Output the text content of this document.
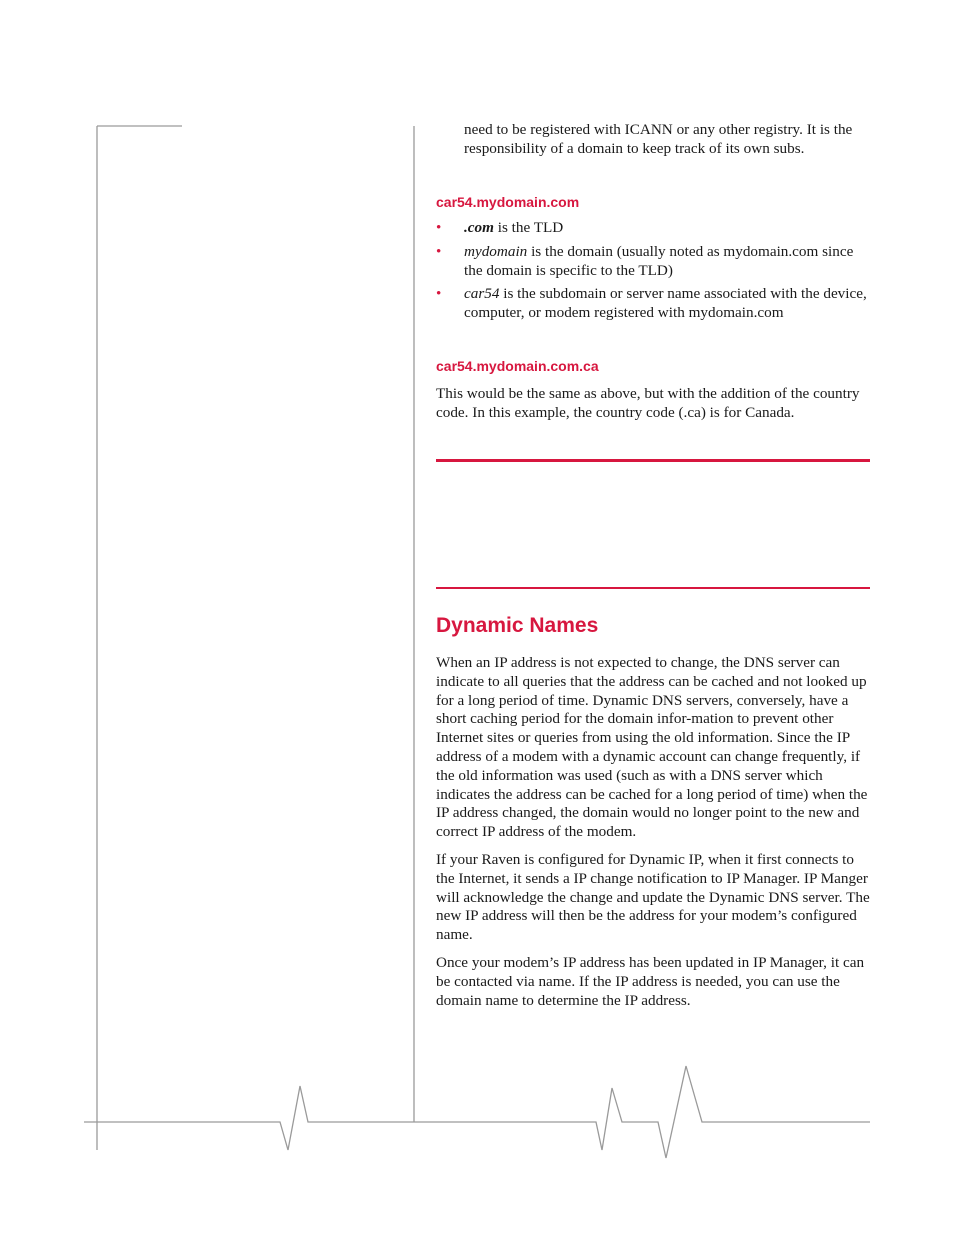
need to be registered with ICANN or any other registry. It is the responsibility of a domain to keep track of its own subs.
car54.mydomain.com
• .com is the TLD
• mydomain is the domain (usually noted as mydomain.com since the domain is specific to the TLD)
• car54 is the subdomain or server name associated with the device, computer, or modem registered with mydomain.com
car54.mydomain.com.ca
This would be the same as above, but with the addition of the country code. In this example, the country code (.ca) is for Canada.
Dynamic Names

When an IP address is not expected to change, the DNS server can indicate to all queries that the address can be cached and not looked up for a long period of time. Dynamic DNS servers, conversely, have a short caching period for the domain infor-mation to prevent other Internet sites or queries from using the old information. Since the IP address of a modem with a dynamic account can change frequently, if the old information was used (such as with a DNS server which indicates the address can be cached for a long period of time) when the IP address changed, the domain would no longer point to the new and correct IP address of the modem.

If your Raven is configured for Dynamic IP, when it first connects to the Internet, it sends a IP change notification to IP Manager. IP Manger will acknowledge the change and update the Dynamic DNS server. The new IP address will then be the address for your modem’s configured name.

Once your modem’s IP address has been updated in IP Manager, it can be contacted via name. If the IP address is needed, you can use the domain name to determine the IP address.
